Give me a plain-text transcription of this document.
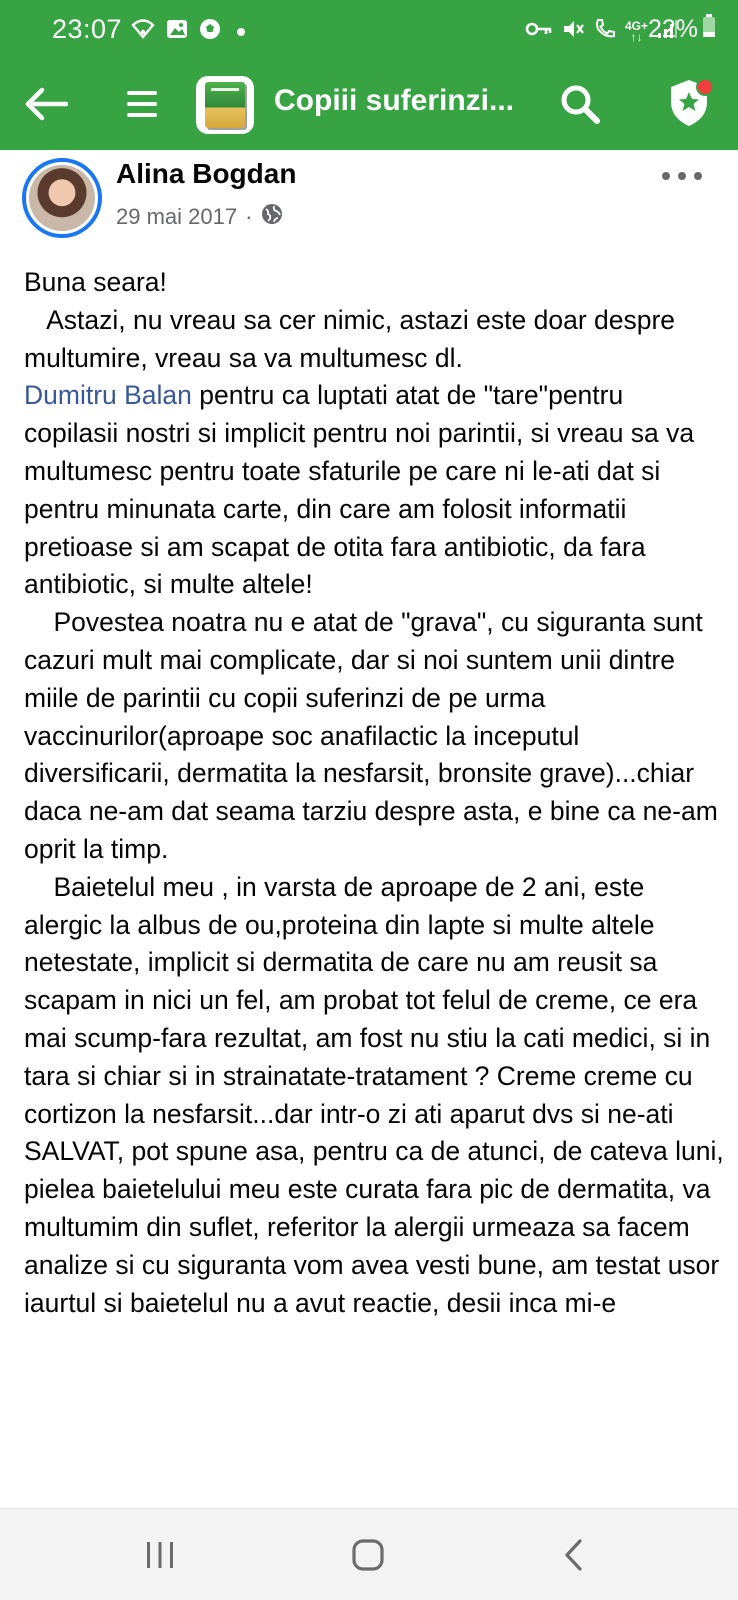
23:07	4G+
↑↓ 22%
Copiii suferinzi...
Alina Bogdan
29 mai 2017 ·
Buna seara!
Astazi, nu vreau sa cer nimic, astazi este doar despre multumire, vreau sa va multumesc dl.
Dumitru Balan pentru ca luptati atat de "tare"pentru copilasii nostri si implicit pentru noi parintii, si vreau sa va multumesc pentru toate sfaturile pe care ni le-ati dat si pentru minunata carte, din care am folosit informatii pretioase si am scapat de otita fara antibiotic, da fara antibiotic, si multe altele!
Povestea noatra nu e atat de "grava", cu siguranta sunt cazuri mult mai complicate, dar si noi suntem unii dintre  miile de parintii cu copii suferinzi de pe urma vaccinurilor(aproape soc anafilactic la inceputul diversificarii, dermatita la nesfarsit, bronsite grave)...chiar daca ne-am dat seama tarziu despre asta, e bine ca ne-am oprit la timp.
Baietelul meu , in varsta de aproape de 2 ani, este  alergic la albus de ou,proteina din lapte si multe altele netestate, implicit si dermatita de care nu am reusit sa scapam in nici un fel, am probat tot felul de creme, ce era mai scump-fara rezultat, am fost nu stiu la cati medici, si in tara si chiar si in strainatate-tratament ? Creme creme cu cortizon la nesfarsit...dar intr-o zi ati aparut dvs si ne-ati SALVAT, pot spune asa, pentru ca de atunci, de cateva luni, pielea baietelului meu este curata fara pic de dermatita, va multumim din suflet, referitor la alergii urmeaza sa facem analize si cu siguranta vom avea vesti bune, am testat usor iaurtul si baietelul nu a avut reactie, desii inca mi-e
